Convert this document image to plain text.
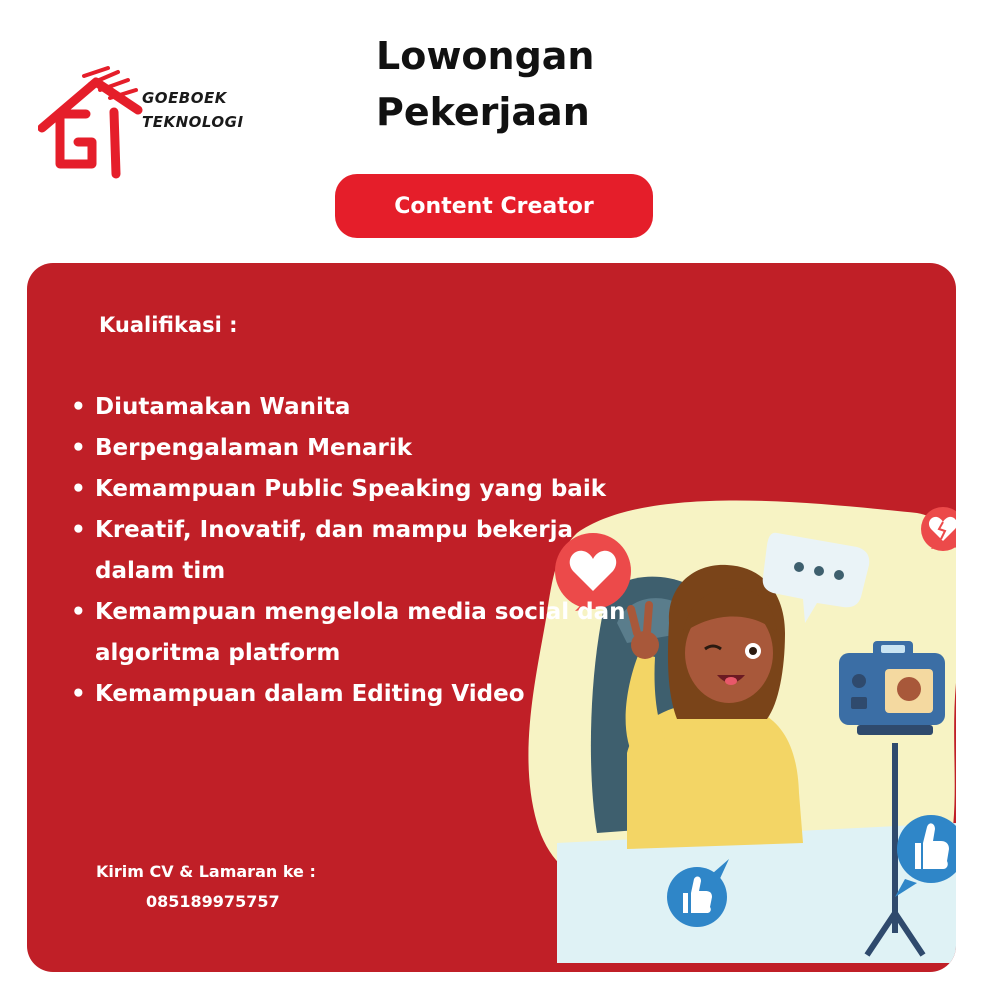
GOEBOEK
TEKNOLOGI
Lowongan
Pekerjaan
Content Creator
Kualifikasi :
• Diutamakan Wanita
• Berpengalaman Menarik
• Kemampuan Public Speaking yang baik
• Kreatif, Inovatif, dan mampu bekerja dalam tim
• Kemampuan mengelola media social dan algoritma platform
• Kemampuan dalam Editing Video
Kirim CV & Lamaran ke :
085189975757
